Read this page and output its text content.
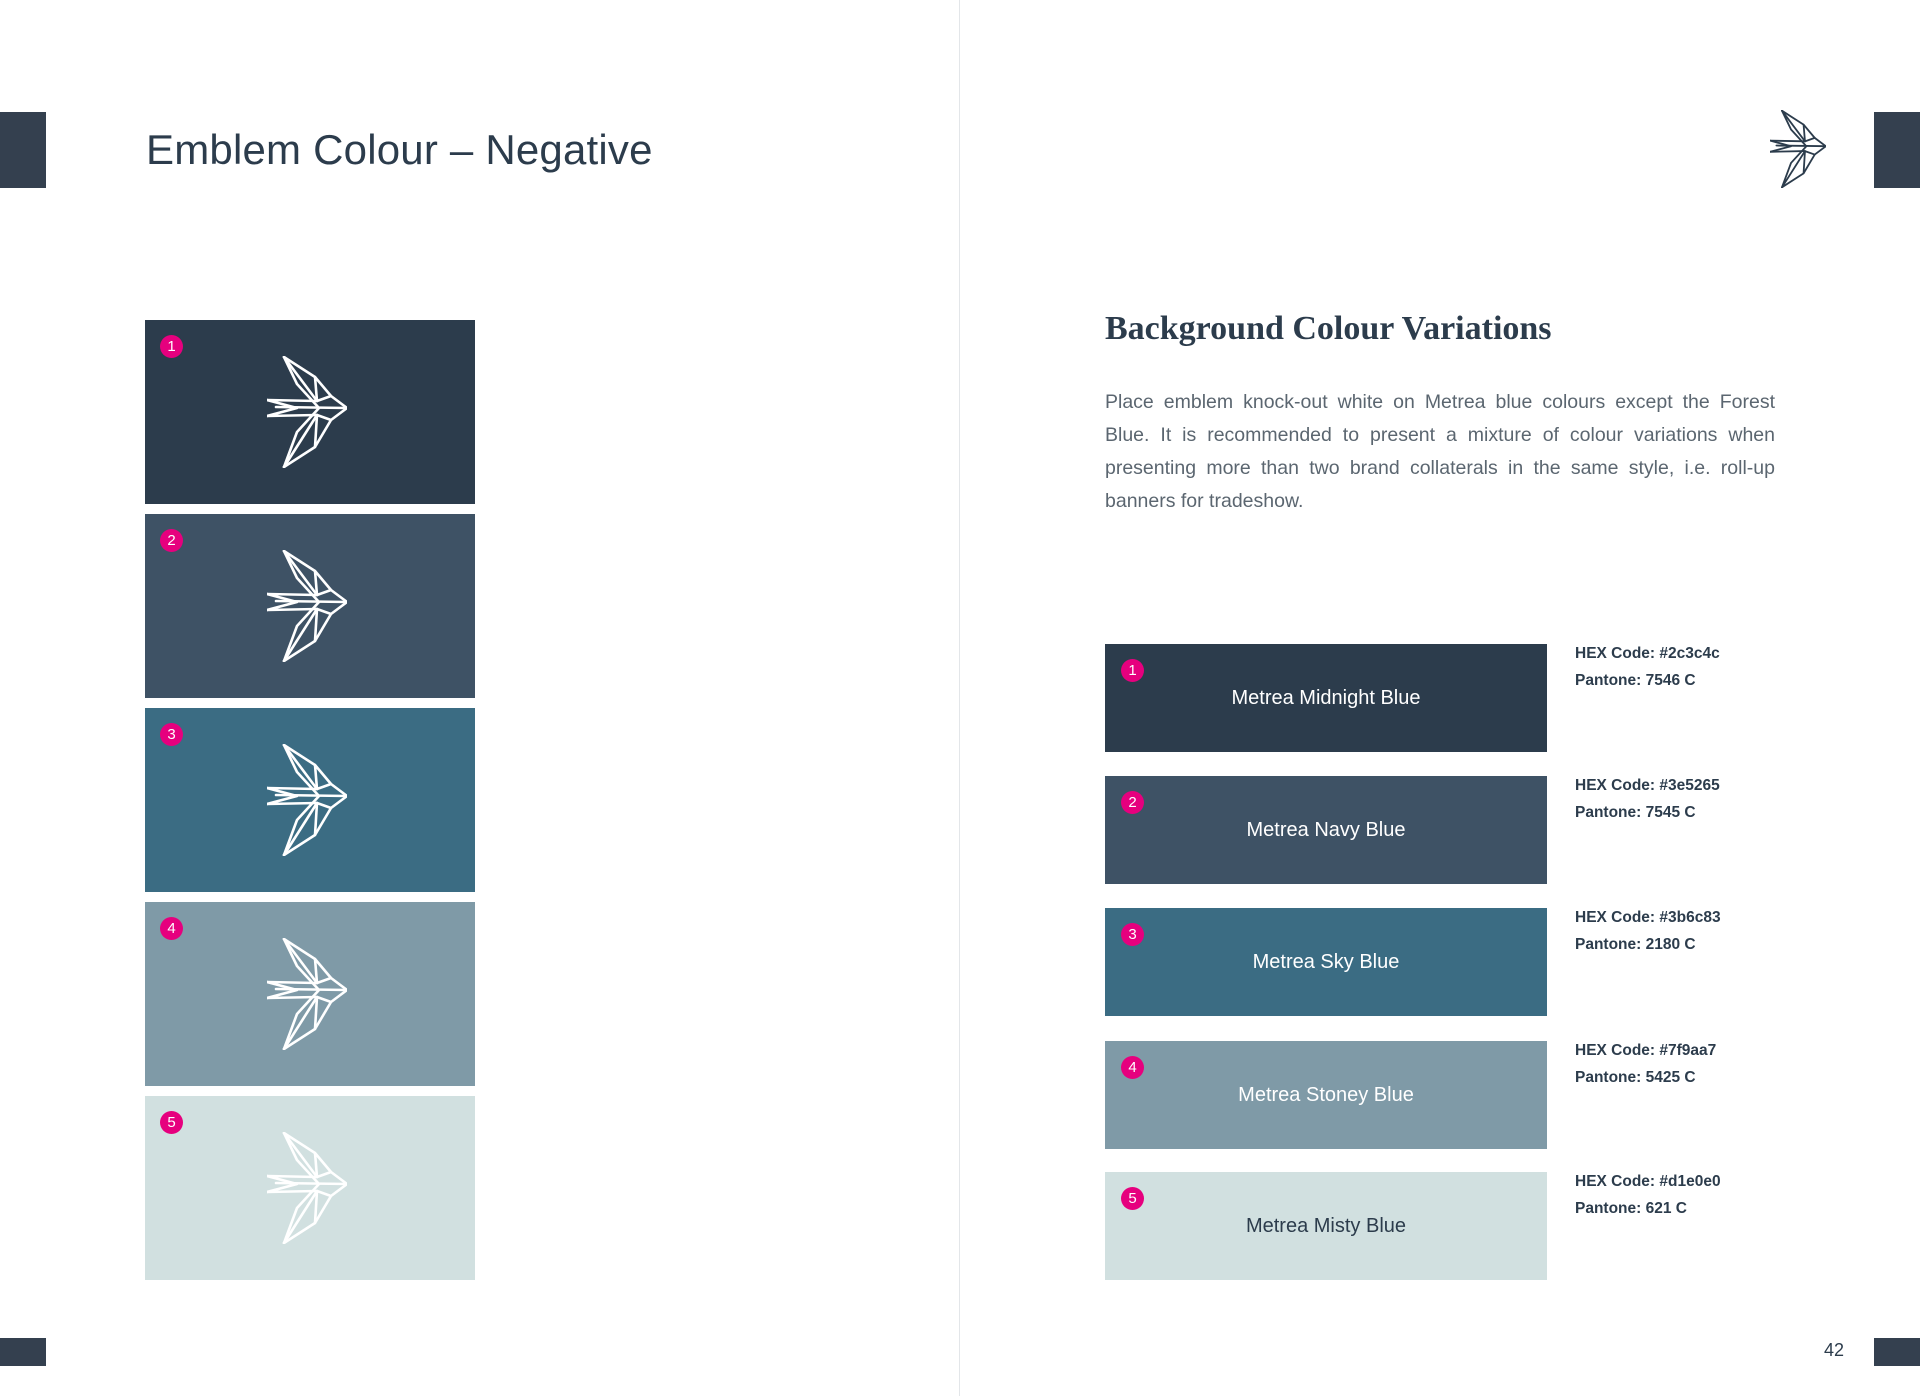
Emblem Colour – Negative
1
2
3
4
5
Background Colour Variations

Place emblem knock-out white on Metrea blue colours except the Forest Blue. It is recommended to present a mixture of colour variations when presenting more than two brand collaterals in the same style, i.e. roll-up banners for tradeshow.

1
Metrea Midnight Blue
HEX Code: #2c3c4c
Pantone: 7546 C
2
Metrea Navy Blue
HEX Code: #3e5265
Pantone: 7545 C
3
Metrea Sky Blue
HEX Code: #3b6c83
Pantone: 2180 C
4
Metrea Stoney Blue
HEX Code: #7f9aa7
Pantone: 5425 C
5
Metrea Misty Blue
HEX Code: #d1e0e0
Pantone: 621 C
42
